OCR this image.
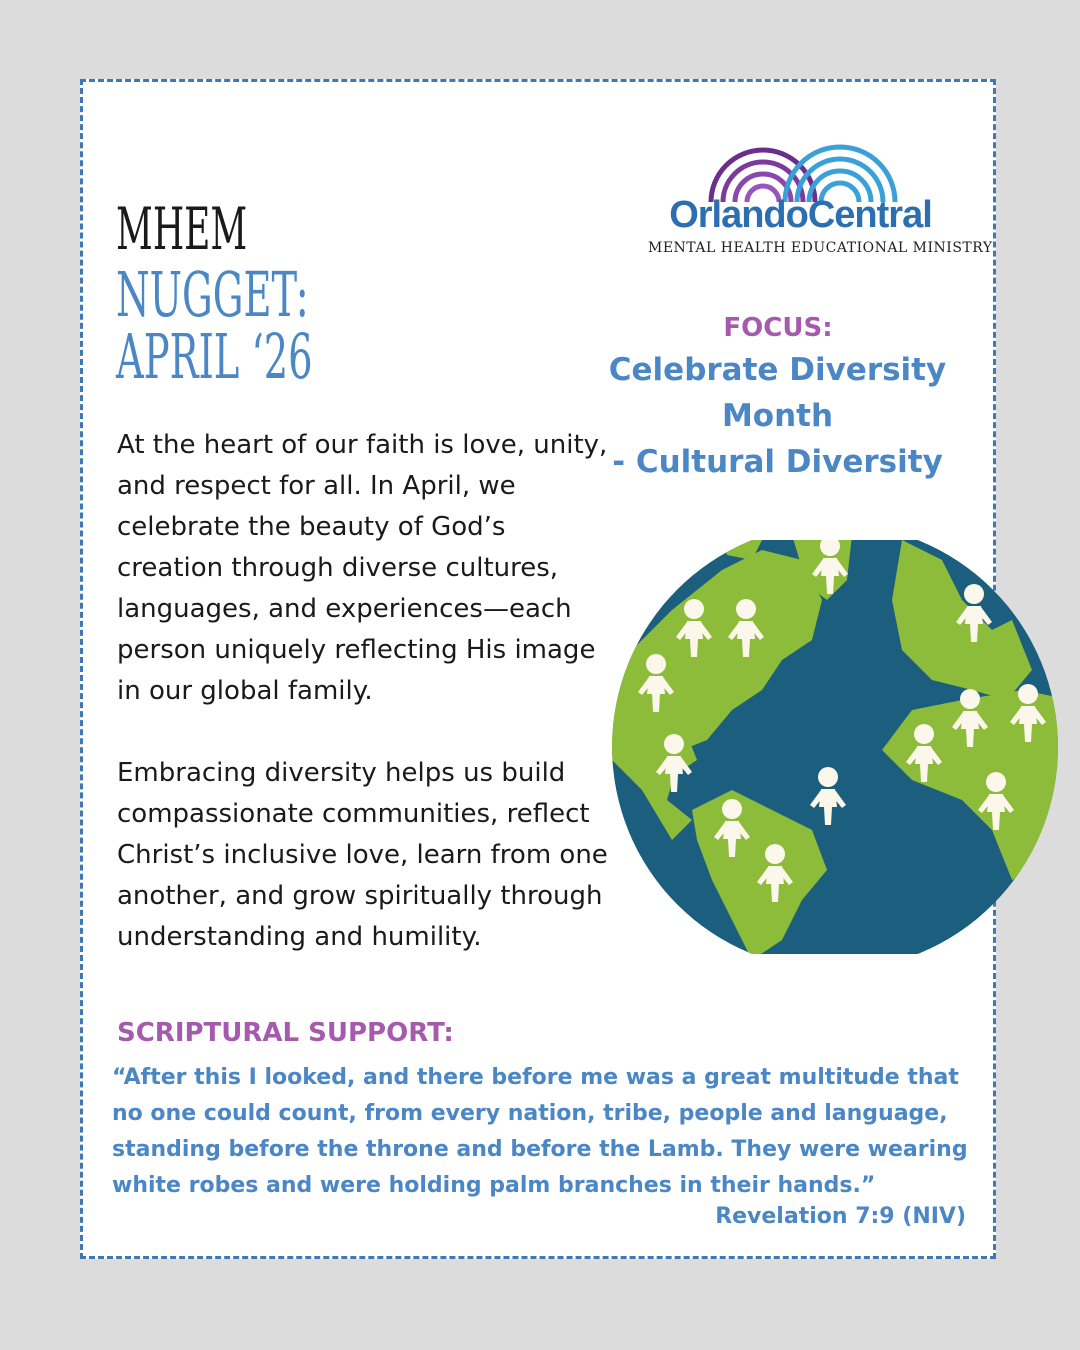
MHEM
NUGGET:
APRIL ‘26
OrlandoCentral
MENTAL HEALTH EDUCATIONAL MINISTRY
FOCUS:
Celebrate Diversity Month
- Cultural Diversity

At the heart of our faith is love, unity, and respect for all. In April, we celebrate the beauty of God’s creation through diverse cultures, languages, and experiences—each person uniquely reflecting His image in our global family.

Embracing diversity helps us build compassionate communities, reflect Christ’s inclusive love, learn from one another, and grow spiritually through understanding and humility.

SCRIPTURAL SUPPORT:
“After this I looked, and there before me was a great multitude that no one could count, from every nation, tribe, people and language, standing before the throne and before the Lamb. They were wearing white robes and were holding palm branches in their hands.”
Revelation 7:9 (NIV)
